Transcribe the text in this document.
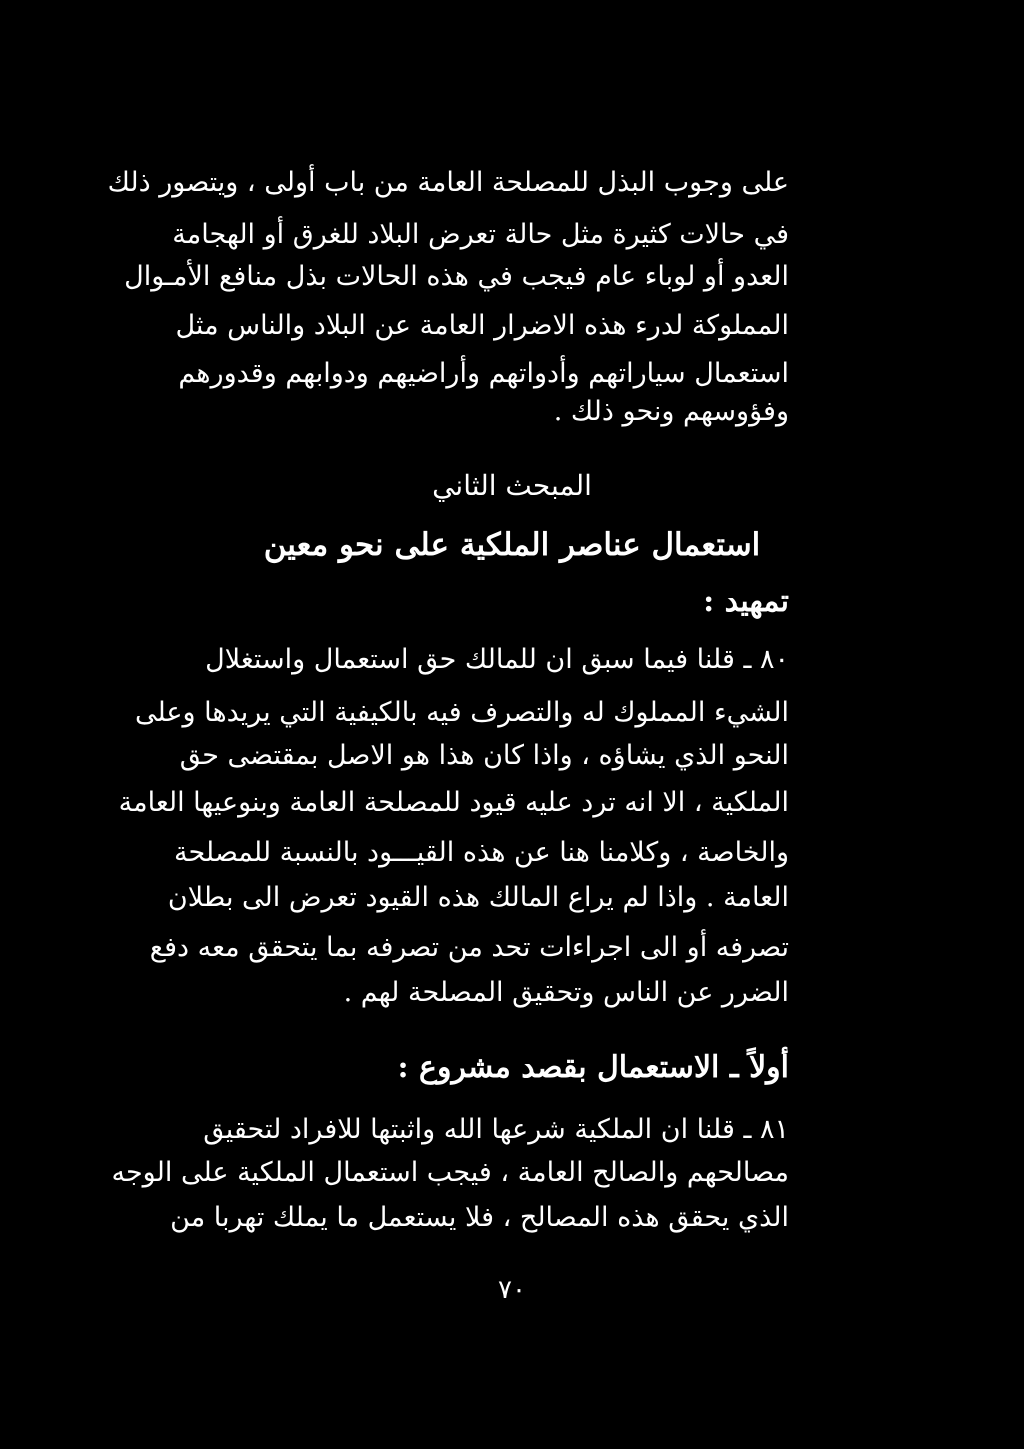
على وجوب البذل للمصلحة العامة من باب أولى ، ويتصور ذلك
في حالات كثيرة مثل حالة تعرض البلاد للغرق أو الهجامة
العدو أو لوباء عام فيجب في هذه الحالات بذل منافع الأمـوال
المملوكة لدرء هذه الاضرار العامة عن البلاد والناس مثل
استعمال سياراتهم وأدواتهم وأراضيهم ودوابهم وقدورهم
وفؤوسهم ونحو ذلك .
المبحث الثاني
استعمال عناصر الملكية على نحو معين
تمهيد :
٨٠ ـ قلنا فيما سبق ان للمالك حق استعمال واستغلال
الشيء المملوك له والتصرف فيه بالكيفية التي يريدها وعلى
النحو الذي يشاؤه ، واذا كان هذا هو الاصل بمقتضى حق
الملكية ، الا انه ترد عليه قيود للمصلحة العامة وبنوعيها العامة
والخاصة ، وكلامنا هنا عن هذه القيـــود بالنسبة للمصلحة
العامة . واذا لم يراع المالك هذه القيود تعرض الى بطلان
تصرفه أو الى اجراءات تحد من تصرفه بما يتحقق معه دفع
الضرر عن الناس وتحقيق المصلحة لهم .
أولاً ـ الاستعمال بقصد مشروع :
٨١ ـ قلنا ان الملكية شرعها الله واثبتها للافراد لتحقيق
مصالحهم والصالح العامة ، فيجب استعمال الملكية على الوجه
الذي يحقق هذه المصالح ، فلا يستعمل ما يملك تهربا من
٧٠
